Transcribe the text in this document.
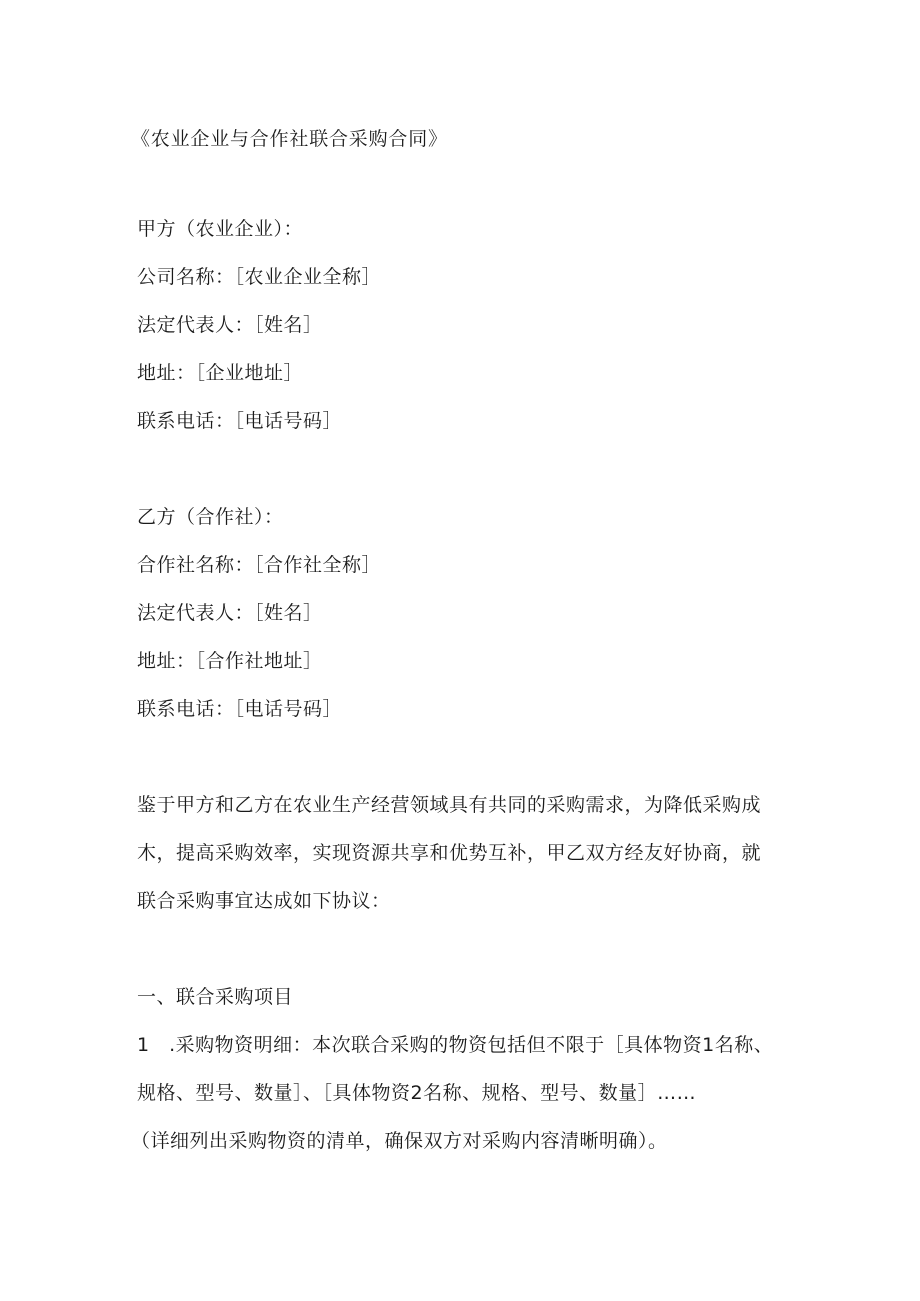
《农业企业与合作社联合采购合同》
甲方（农业企业）：
公司名称：［农业企业全称］
法定代表人：［姓名］
地址：［企业地址］
联系电话：［电话号码］
乙方（合作社）：
合作社名称：［合作社全称］
法定代表人：［姓名］
地址：［合作社地址］
联系电话：［电话号码］
鉴于甲方和乙方在农业生产经营领域具有共同的采购需求，为降低采购成
木，提高采购效率，实现资源共享和优势互补，甲乙双方经友好协商，就
联合采购事宜达成如下协议：
一、联合采购项目
1　.采购物资明细：本次联合采购的物资包括但不限于［具体物资1名称、
规格、型号、数量］、［具体物资2名称、规格、型号、数量］……
（详细列出采购物资的清单，确保双方对采购内容清晰明确）。
